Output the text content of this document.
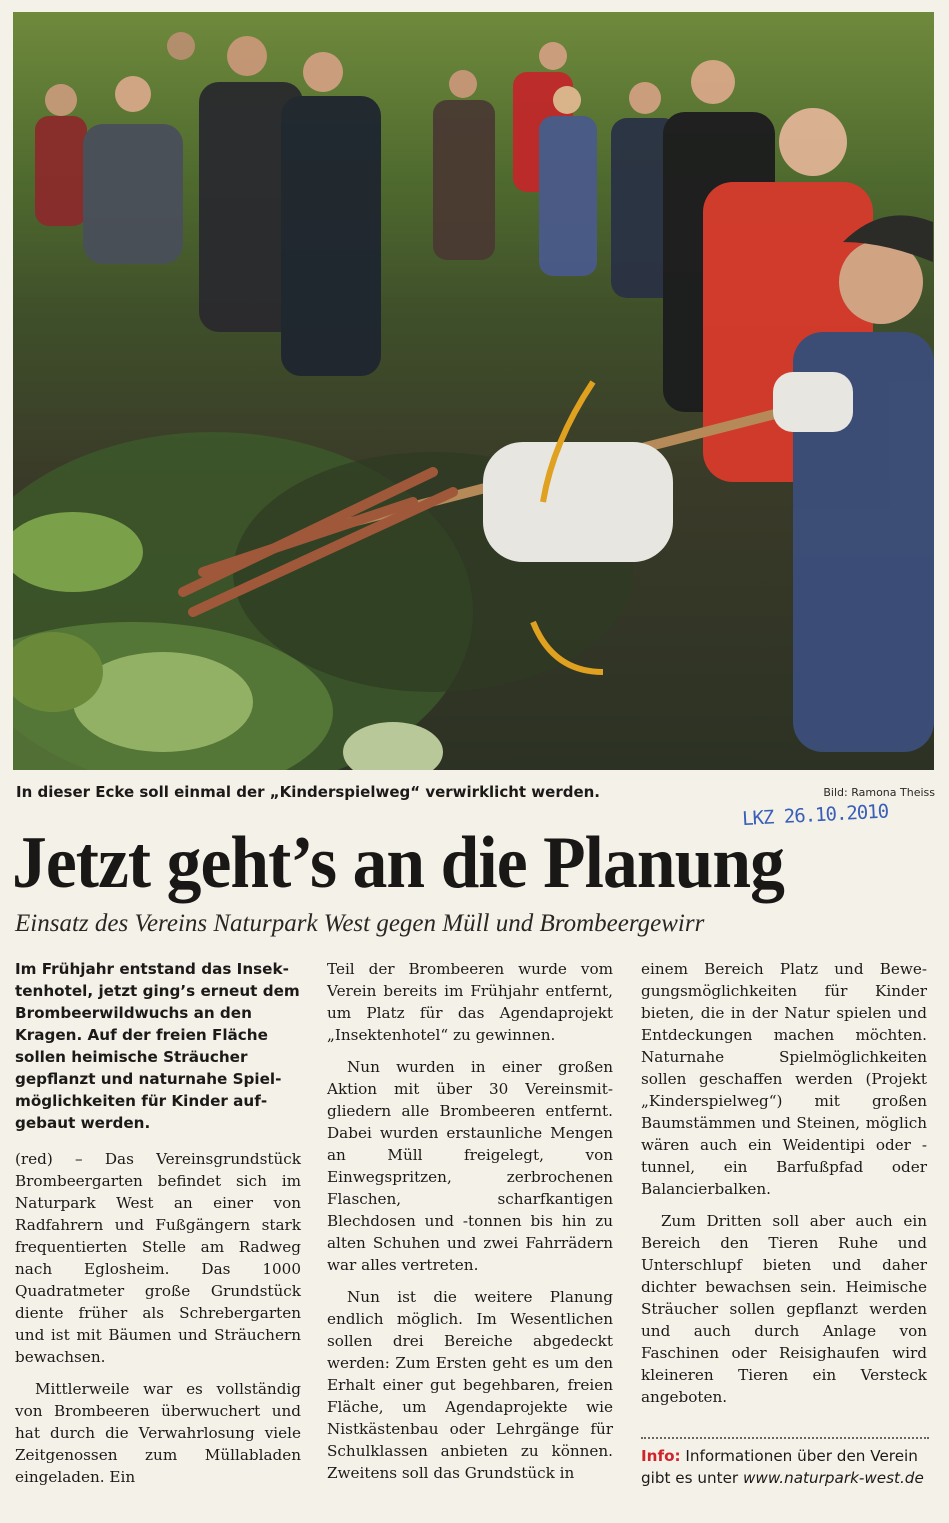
In dieser Ecke soll einmal der „Kinderspielweg“ verwirklicht werden.	Bild: Ramona Theiss
LKZ 26.10.2010
Jetzt geht’s an die Planung
Einsatz des Vereins Naturpark West gegen Müll und Brombeergewirr

Im Frühjahr entstand das Insektenhotel, jetzt ging’s erneut dem Brombeerwildwuchs an den Kragen. Auf der freien Fläche sollen heimische Sträucher gepflanzt und naturnahe Spielmöglichkeiten für Kinder aufgebaut werden.

(red) – Das Vereinsgrundstück Brombeergarten befindet sich im Naturpark West an einer von Radfahrern und Fußgängern stark frequentierten Stelle am Radweg nach Eglosheim. Das 1000 Quadratmeter große Grundstück diente früher als Schrebergarten und ist mit Bäumen und Sträuchern bewachsen.

Mittlerweile war es vollständig von Brombeeren überwuchert und hat durch die Verwahrlosung viele Zeitgenossen zum Müllabladen eingeladen. Ein

Teil der Brombeeren wurde vom Verein bereits im Frühjahr entfernt, um Platz für das Agendaprojekt „Insektenhotel“ zu gewinnen.

Nun wurden in einer großen Aktion mit über 30 Vereinsmitgliedern alle Brombeeren entfernt. Dabei wurden erstaunliche Mengen an Müll freigelegt, von Einwegspritzen, zerbrochenen Flaschen, scharfkantigen Blechdosen und -tonnen bis hin zu alten Schuhen und zwei Fahrrädern war alles vertreten.

Nun ist die weitere Planung endlich möglich. Im Wesentlichen sollen drei Bereiche abgedeckt werden: Zum Ersten geht es um den Erhalt einer gut begehbaren, freien Fläche, um Agendaprojekte wie Nistkästenbau oder Lehrgänge für Schulklassen anbieten zu können. Zweitens soll das Grundstück in

einem Bereich Platz und Bewegungsmöglichkeiten für Kinder bieten, die in der Natur spielen und Entdeckungen machen möchten. Naturnahe Spielmöglichkeiten sollen geschaffen werden (Projekt „Kinderspielweg“) mit großen Baumstämmen und Steinen, möglich wären auch ein Weidentipi oder -tunnel, ein Barfußpfad oder Balancierbalken.

Zum Dritten soll aber auch ein Bereich den Tieren Ruhe und Unterschlupf bieten und daher dichter bewachsen sein. Heimische Sträucher sollen gepflanzt werden und auch durch Anlage von Faschinen oder Reisighaufen wird kleineren Tieren ein Versteck angeboten.

Info: Informationen über den Verein gibt es unter www.naturpark-west.de
